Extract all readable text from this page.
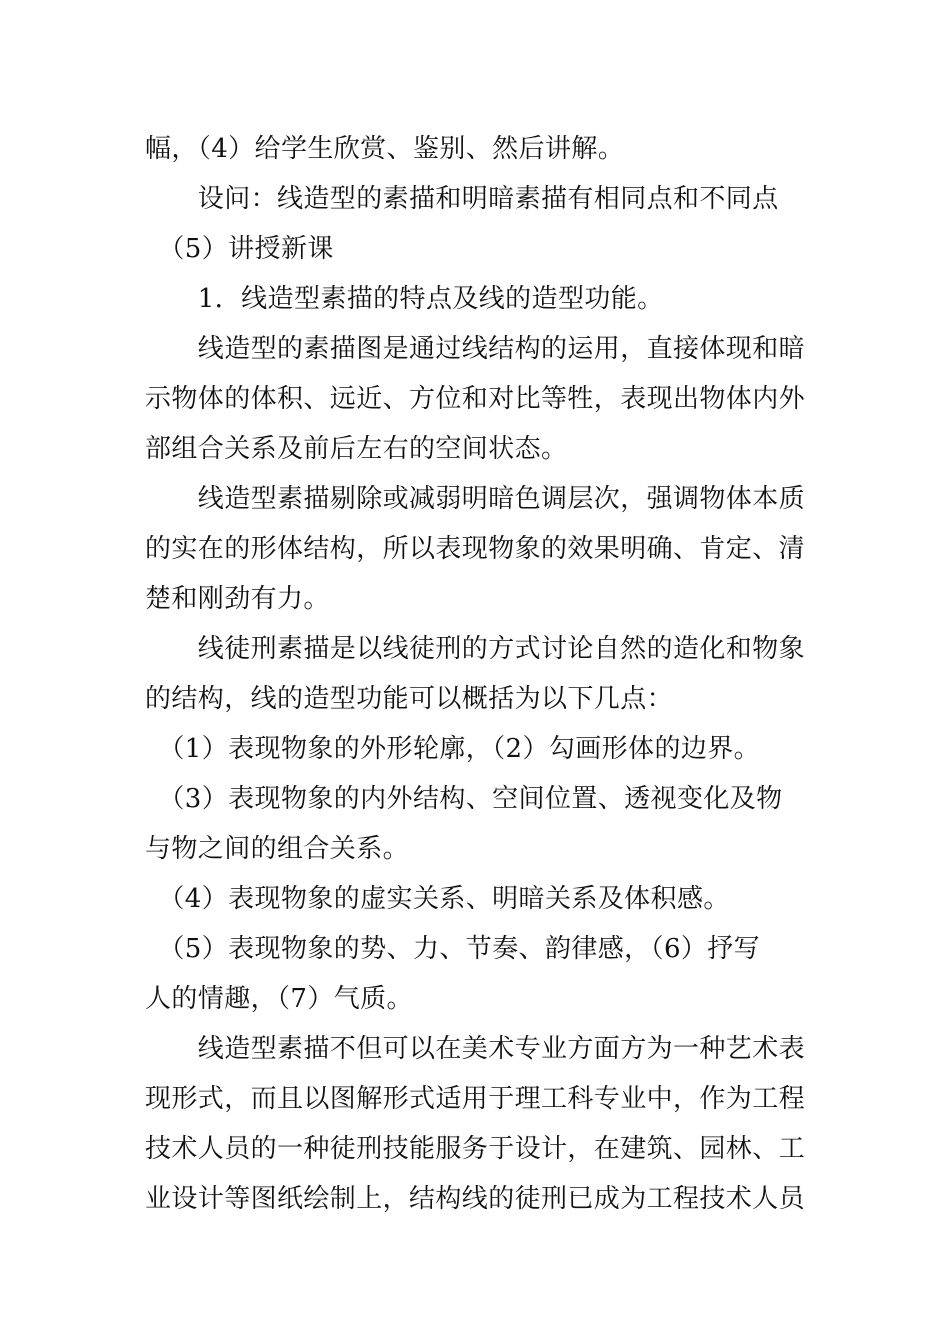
幅，（4）给学生欣赏、鉴别、然后讲解。
　　设问：线造型的素描和明暗素描有相同点和不同点
　（5）讲授新课
　　1．线造型素描的特点及线的造型功能。
　　线造型的素描图是通过线结构的运用，直接体现和暗
示物体的体积、远近、方位和对比等牲，表现出物体内外
部组合关系及前后左右的空间状态。
　　线造型素描剔除或减弱明暗色调层次，强调物体本质
的实在的形体结构，所以表现物象的效果明确、肯定、清
楚和刚劲有力。
　　线徒刑素描是以线徒刑的方式讨论自然的造化和物象
的结构，线的造型功能可以概括为以下几点：
　（1）表现物象的外形轮廓，（2）勾画形体的边界。
　（3）表现物象的内外结构、空间位置、透视变化及物
与物之间的组合关系。
　（4）表现物象的虚实关系、明暗关系及体积感。
　（5）表现物象的势、力、节奏、韵律感，（6）抒写
人的情趣，（7）气质。
　　线造型素描不但可以在美术专业方面方为一种艺术表
现形式，而且以图解形式适用于理工科专业中，作为工程
技术人员的一种徒刑技能服务于设计，在建筑、园林、工
业设计等图纸绘制上，结构线的徒刑已成为工程技术人员
